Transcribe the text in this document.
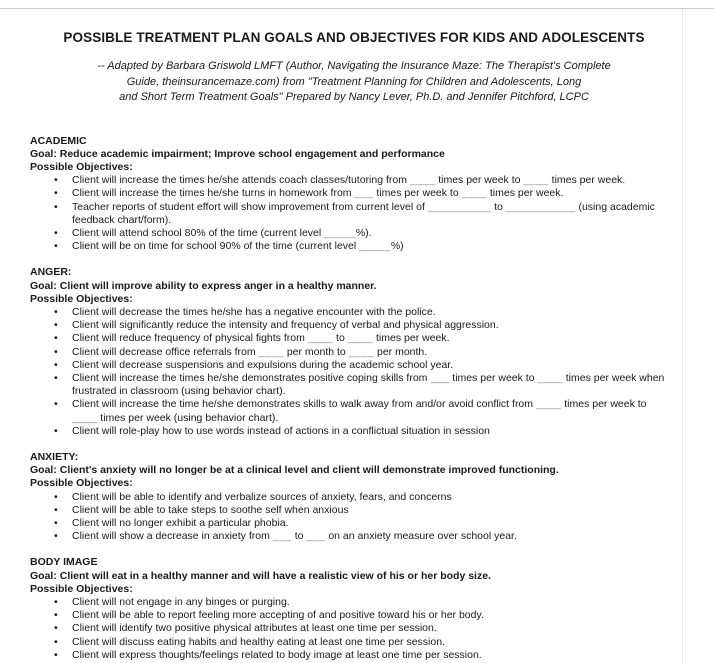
POSSIBLE TREATMENT PLAN GOALS AND OBJECTIVES FOR KIDS AND ADOLESCENTS
-- Adapted by Barbara Griswold LMFT (Author, Navigating the Insurance Maze: The Therapist's Complete
Guide, theinsurancemaze.com) from "Treatment Planning for Children and Adolescents, Long
and Short Term Treatment Goals" Prepared by Nancy Lever, Ph.D. and Jennifer Pitchford, LCPC
ACADEMIC

Goal: Reduce academic impairment; Improve school engagement and performance

Possible Objectives:

•	Client will increase the times he/she attends coach classes/tutoring from ____ times per week to ____ times per week.
•	Client will increase the times he/she turns in homework from ___ times per week to ____ times per week.
•	Teacher reports of student effort will show improvement from current level of __________ to ___________ (using academic feedback chart/form).
•	Client will attend school 80% of the time (current level _____%).
•	Client will be on time for school 90% of the time (current level _____%)
ANGER:

Goal: Client will improve ability to express anger in a healthy manner.

Possible Objectives:

•	Client will decrease the times he/she has a negative encounter with the police.
•	Client will significantly reduce the intensity and frequency of verbal and physical aggression.
•	Client will reduce frequency of physical fights from ____ to ____ times per week.
•	Client will decrease office referrals from ____ per month to ____ per month.
•	Client will decrease suspensions and expulsions during the academic school year.
•	Client will increase the times he/she demonstrates positive coping skills from ___ times per week to ____ times per week when frustrated in classroom (using behavior chart).
•	Client will increase the time he/she demonstrates skills to walk away from and/or avoid conflict from ____ times per week to ____ times per week (using behavior chart).
•	Client will role-play how to use words instead of actions in a conflictual situation in session
ANXIETY:

Goal: Client's anxiety will no longer be at a clinical level and client will demonstrate improved functioning.

Possible Objectives:

•	Client will be able to identify and verbalize sources of anxiety, fears, and concerns
•	Client will be able to take steps to soothe self when anxious
•	Client will no longer exhibit a particular phobia.
•	Client will show a decrease in anxiety from ___ to ___ on an anxiety measure over school year.
BODY IMAGE

Goal: Client will eat in a healthy manner and will have a realistic view of his or her body size.

Possible Objectives:

•	Client will not engage in any binges or purging.
•	Client will be able to report feeling more accepting of and positive toward his or her body.
•	Client will identify two positive physical attributes at least one time per session.
•	Client will discuss eating habits and healthy eating at least one time per session.
•	Client will express thoughts/feelings related to body image at least one time per session.
